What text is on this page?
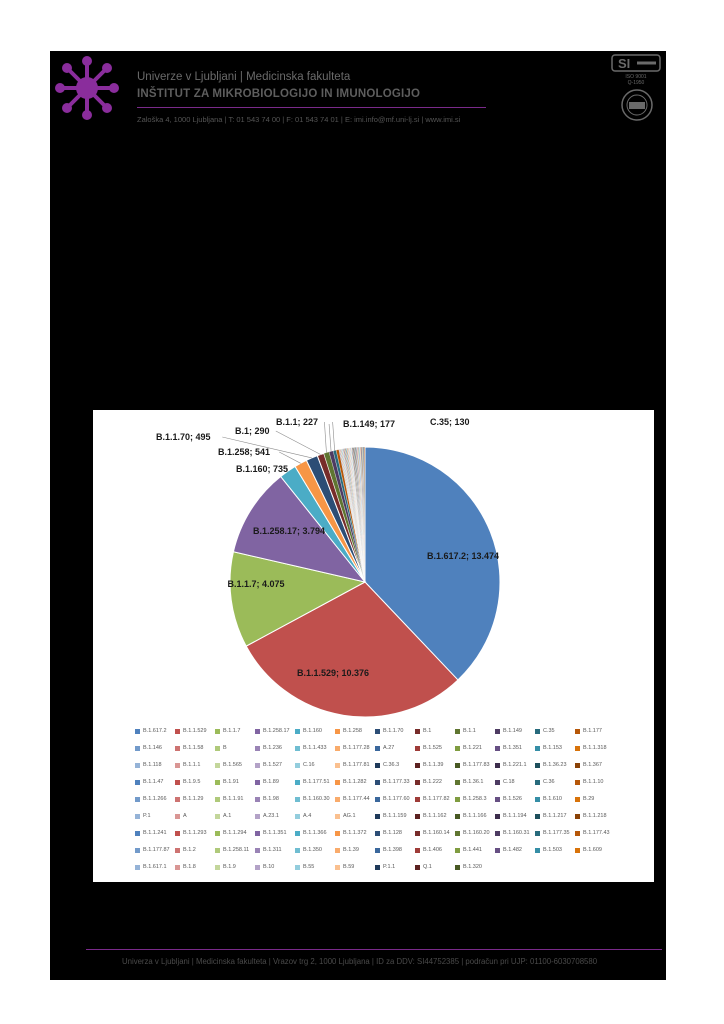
Univerze v Ljubljani | Medicinska fakulteta
INŠTITUT ZA MIKROBIOLOGIJO IN IMUNOLOGIJO
Zaloška 4, 1000 Ljubljana | T: 01 543 74 00 | F: 01 543 74 01 | E: imi.info@mf.uni-lj.si | www.imi.si
SI
ISO 9001
Q-1950
B.1.617.2; 13.474
B.1.1.529; 10.376
B.1.1.7; 4.075
B.1.258.17; 3.794
B.1.160; 735
B.1.258; 541
B.1.1.70; 495
B.1; 290
B.1.1; 227	B.1.149; 177	C.35; 130
B.1.617.2	B.1.1.529	B.1.1.7	B.1.258.17	B.1.160	B.1.258	B.1.1.70	B.1	B.1.1	B.1.149	C.35	B.1.177
B.1.146	B.1.1.58	B	B.1.236	B.1.1.433	B.1.177.28	A.27	B.1.525	B.1.221	B.1.351	B.1.153	B.1.1.318
B.1.118	B.1.1.1	B.1.565	B.1.527	C.16	B.1.177.81	C.36.3	B.1.1.39	B.1.177.83	B.1.221.1	B.1.36.23	B.1.367
B.1.1.47	B.1.9.5	B.1.91	B.1.89	B.1.177.51	B.1.1.282	B.1.177.33	B.1.222	B.1.36.1	C.18	C.36	B.1.1.10
B.1.1.266	B.1.1.29	B.1.1.91	B.1.98	B.1.160.30	B.1.177.44	B.1.177.60	B.1.177.82	B.1.258.3	B.1.526	B.1.610	B.29
P.1	A	A.1	A.23.1	A.4	AG.1	B.1.1.159	B.1.1.162	B.1.1.166	B.1.1.194	B.1.1.217	B.1.1.218
B.1.1.241	B.1.1.293	B.1.1.294	B.1.1.351	B.1.1.366	B.1.1.372	B.1.128	B.1.160.14	B.1.160.20	B.1.160.31	B.1.177.35	B.1.177.43
B.1.177.87	B.1.2	B.1.258.11	B.1.311	B.1.350	B.1.39	B.1.398	B.1.406	B.1.441	B.1.482	B.1.503	B.1.609
B.1.617.1	B.1.8	B.1.9	B.10	B.55	B.59	P.1.1	Q.1	B.1.320
Univerza v Ljubljani | Medicinska fakulteta | Vrazov trg 2, 1000 Ljubljana | ID za DDV: SI44752385 | podračun pri UJP: 01100-6030708580
